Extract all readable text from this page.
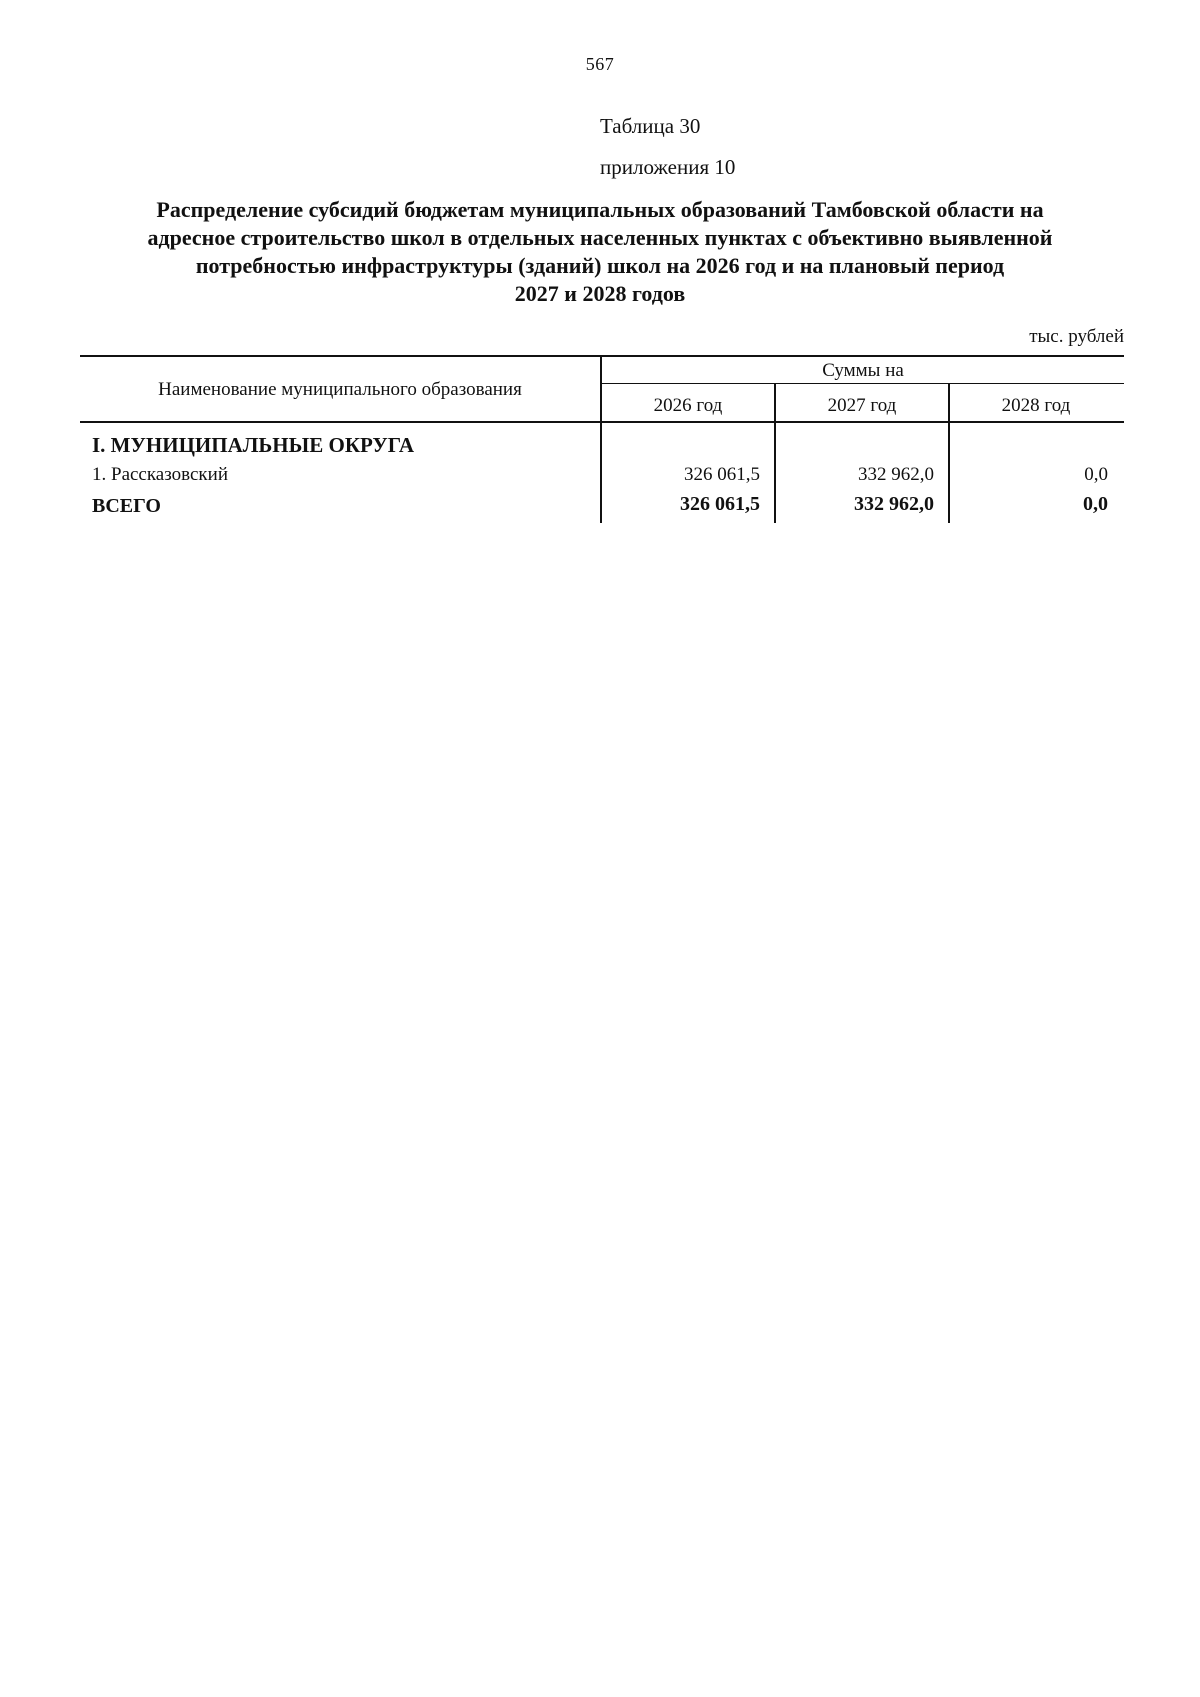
567
Таблица 30
приложения 10
Распределение субсидий бюджетам муниципальных образований Тамбовской области на
адресное строительство школ в отдельных населенных пунктах с объективно выявленной
потребностью инфраструктуры (зданий) школ на 2026 год и на плановый период
2027 и 2028 годов
тыс. рублей
Наименование муниципального образования
Суммы на
2026 год	2027 год	2028 год
I. МУНИЦИПАЛЬНЫЕ ОКРУГА
1. Рассказовский	326 061,5	332 962,0	0,0
ВСЕГО	326 061,5	332 962,0	0,0
